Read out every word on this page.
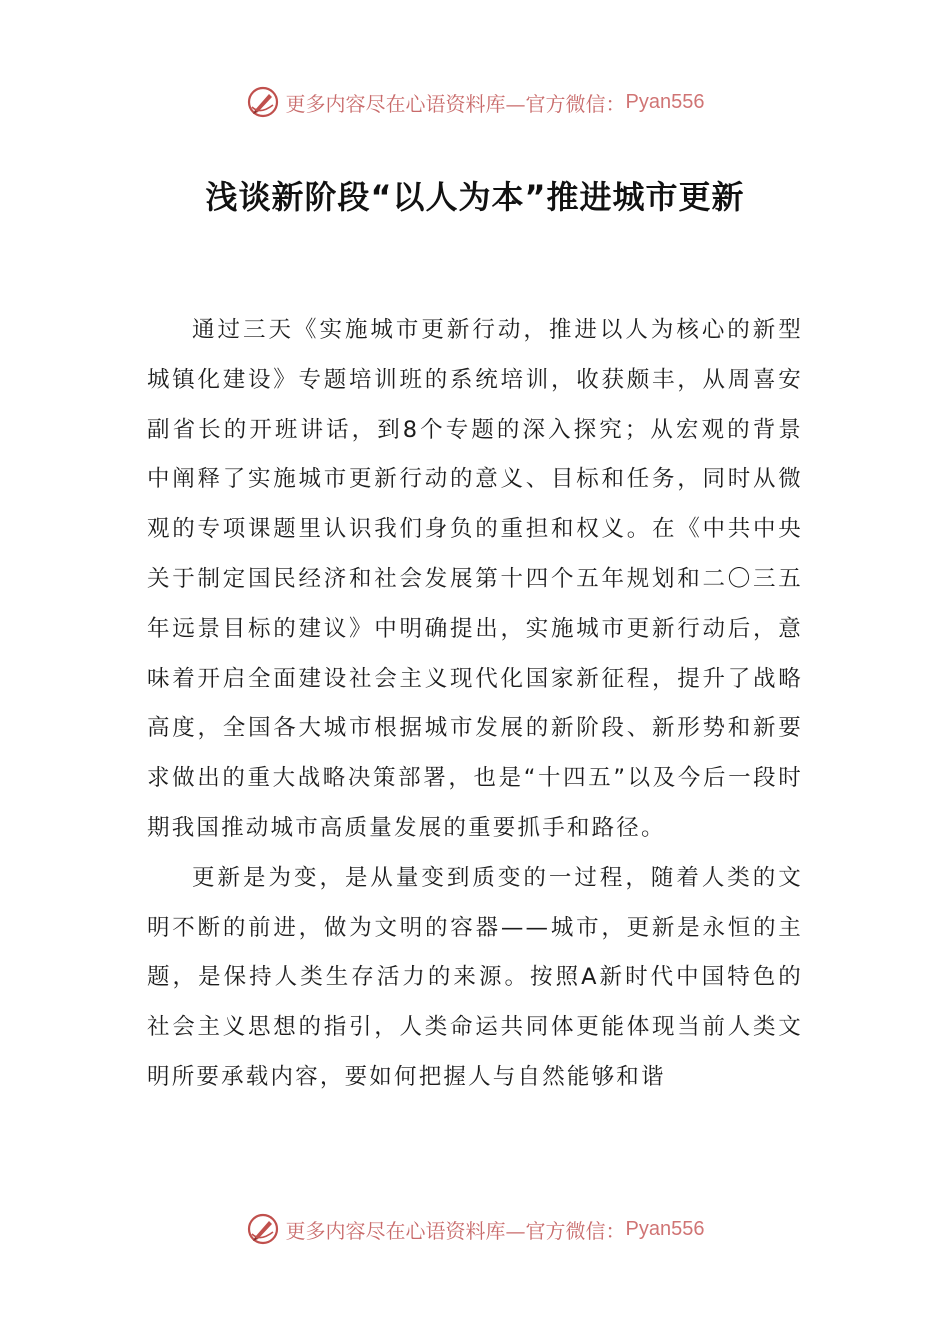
更多内容尽在心语资料库—官方微信： Pyan556
浅谈新阶段“以人为本”推进城市更新

通过三天《实施城市更新行动，推进以人为核心的新型城镇化建设》专题培训班的系统培训，收获颇丰，从周喜安副省长的开班讲话，到8个专题的深入探究；从宏观的背景中阐释了实施城市更新行动的意义、目标和任务，同时从微观的专项课题里认识我们身负的重担和权义。在《中共中央关于制定国民经济和社会发展第十四个五年规划和二〇三五年远景目标的建议》中明确提出，实施城市更新行动后，意味着开启全面建设社会主义现代化国家新征程，提升了战略高度，全国各大城市根据城市发展的新阶段、新形势和新要求做出的重大战略决策部署，也是“十四五”以及今后一段时期我国推动城市高质量发展的重要抓手和路径。

更新是为变，是从量变到质变的一过程，随着人类的文明不断的前进，做为文明的容器——城市，更新是永恒的主题，是保持人类生存活力的来源。按照A新时代中国特色的社会主义思想的指引，人类命运共同体更能体现当前人类文明所要承载内容，要如何把握人与自然能够和谐

更多内容尽在心语资料库—官方微信： Pyan556
